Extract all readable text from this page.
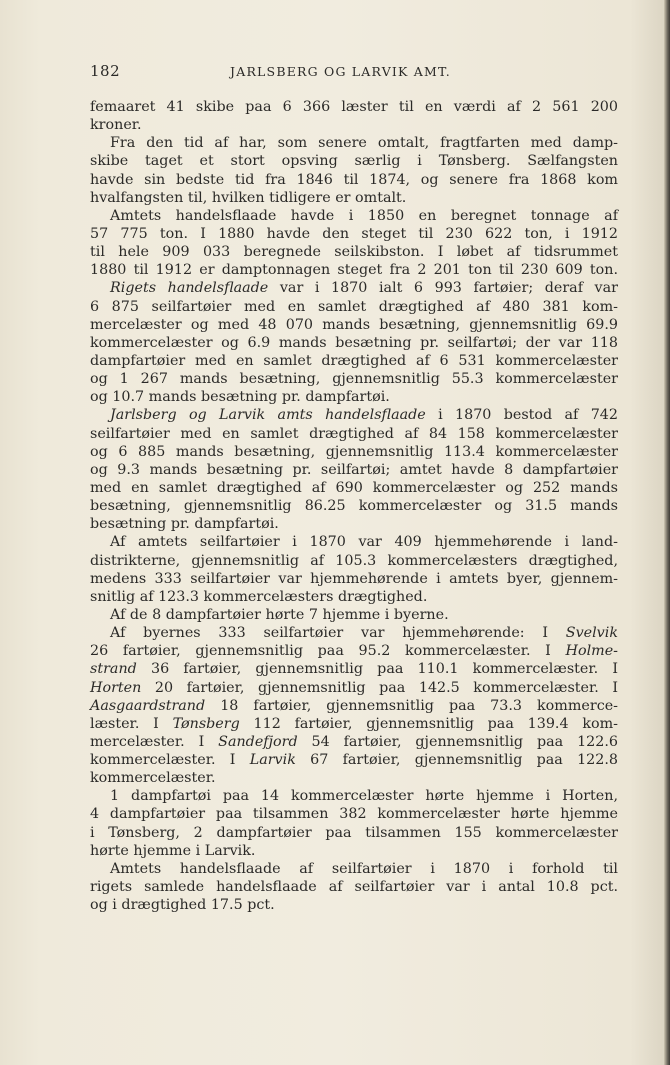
182	JARLSBERG OG LARVIK AMT.
femaaret 41 skibe paa 6 366 læster til en værdi af 2 561 200
kroner.
Fra den tid af har, som senere omtalt, fragtfarten med damp-
skibe taget et stort opsving særlig i Tønsberg. Sælfangsten
havde sin bedste tid fra 1846 til 1874, og senere fra 1868 kom
hvalfangsten til, hvilken tidligere er omtalt.
Amtets handelsflaade havde i 1850 en beregnet tonnage af
57 775 ton. I 1880 havde den steget til 230 622 ton, i 1912
til hele 909 033 beregnede seilskibston. I løbet af tidsrummet
1880 til 1912 er damptonnagen steget fra 2 201 ton til 230 609 ton.
Rigets handelsflaade var i 1870 ialt 6 993 fartøier; deraf var
6 875 seilfartøier med en samlet drægtighed af 480 381 kom-
mercelæster og med 48 070 mands besætning, gjennemsnitlig 69.9
kommercelæster og 6.9 mands besætning pr. seilfartøi; der var 118
dampfartøier med en samlet drægtighed af 6 531 kommercelæster
og 1 267 mands besætning, gjennemsnitlig 55.3 kommercelæster
og 10.7 mands besætning pr. dampfartøi.
Jarlsberg og Larvik amts handelsflaade i 1870 bestod af 742
seilfartøier med en samlet drægtighed af 84 158 kommercelæster
og 6 885 mands besætning, gjennemsnitlig 113.4 kommercelæster
og 9.3 mands besætning pr. seilfartøi; amtet havde 8 dampfartøier
med en samlet drægtighed af 690 kommercelæster og 252 mands
besætning, gjennemsnitlig 86.25 kommercelæster og 31.5 mands
besætning pr. dampfartøi.
Af amtets seilfartøier i 1870 var 409 hjemmehørende i land-
distrikterne, gjennemsnitlig af 105.3 kommercelæsters drægtighed,
medens 333 seilfartøier var hjemmehørende i amtets byer, gjennem-
snitlig af 123.3 kommercelæsters drægtighed.
Af de 8 dampfartøier hørte 7 hjemme i byerne.
Af byernes 333 seilfartøier var hjemmehørende: I Svelvik
26 fartøier, gjennemsnitlig paa 95.2 kommercelæster. I Holme-
strand 36 fartøier, gjennemsnitlig paa 110.1 kommercelæster. I
Horten 20 fartøier, gjennemsnitlig paa 142.5 kommercelæster. I
Aasgaardstrand 18 fartøier, gjennemsnitlig paa 73.3 kommerce-
læster. I Tønsberg 112 fartøier, gjennemsnitlig paa 139.4 kom-
mercelæster. I Sandefjord 54 fartøier, gjennemsnitlig paa 122.6
kommercelæster. I Larvik 67 fartøier, gjennemsnitlig paa 122.8
kommercelæster.
1 dampfartøi paa 14 kommercelæster hørte hjemme i Horten,
4 dampfartøier paa tilsammen 382 kommercelæster hørte hjemme
i Tønsberg, 2 dampfartøier paa tilsammen 155 kommercelæster
hørte hjemme i Larvik.
Amtets handelsflaade af seilfartøier i 1870 i forhold til
rigets samlede handelsflaade af seilfartøier var i antal 10.8 pct.
og i drægtighed 17.5 pct.
